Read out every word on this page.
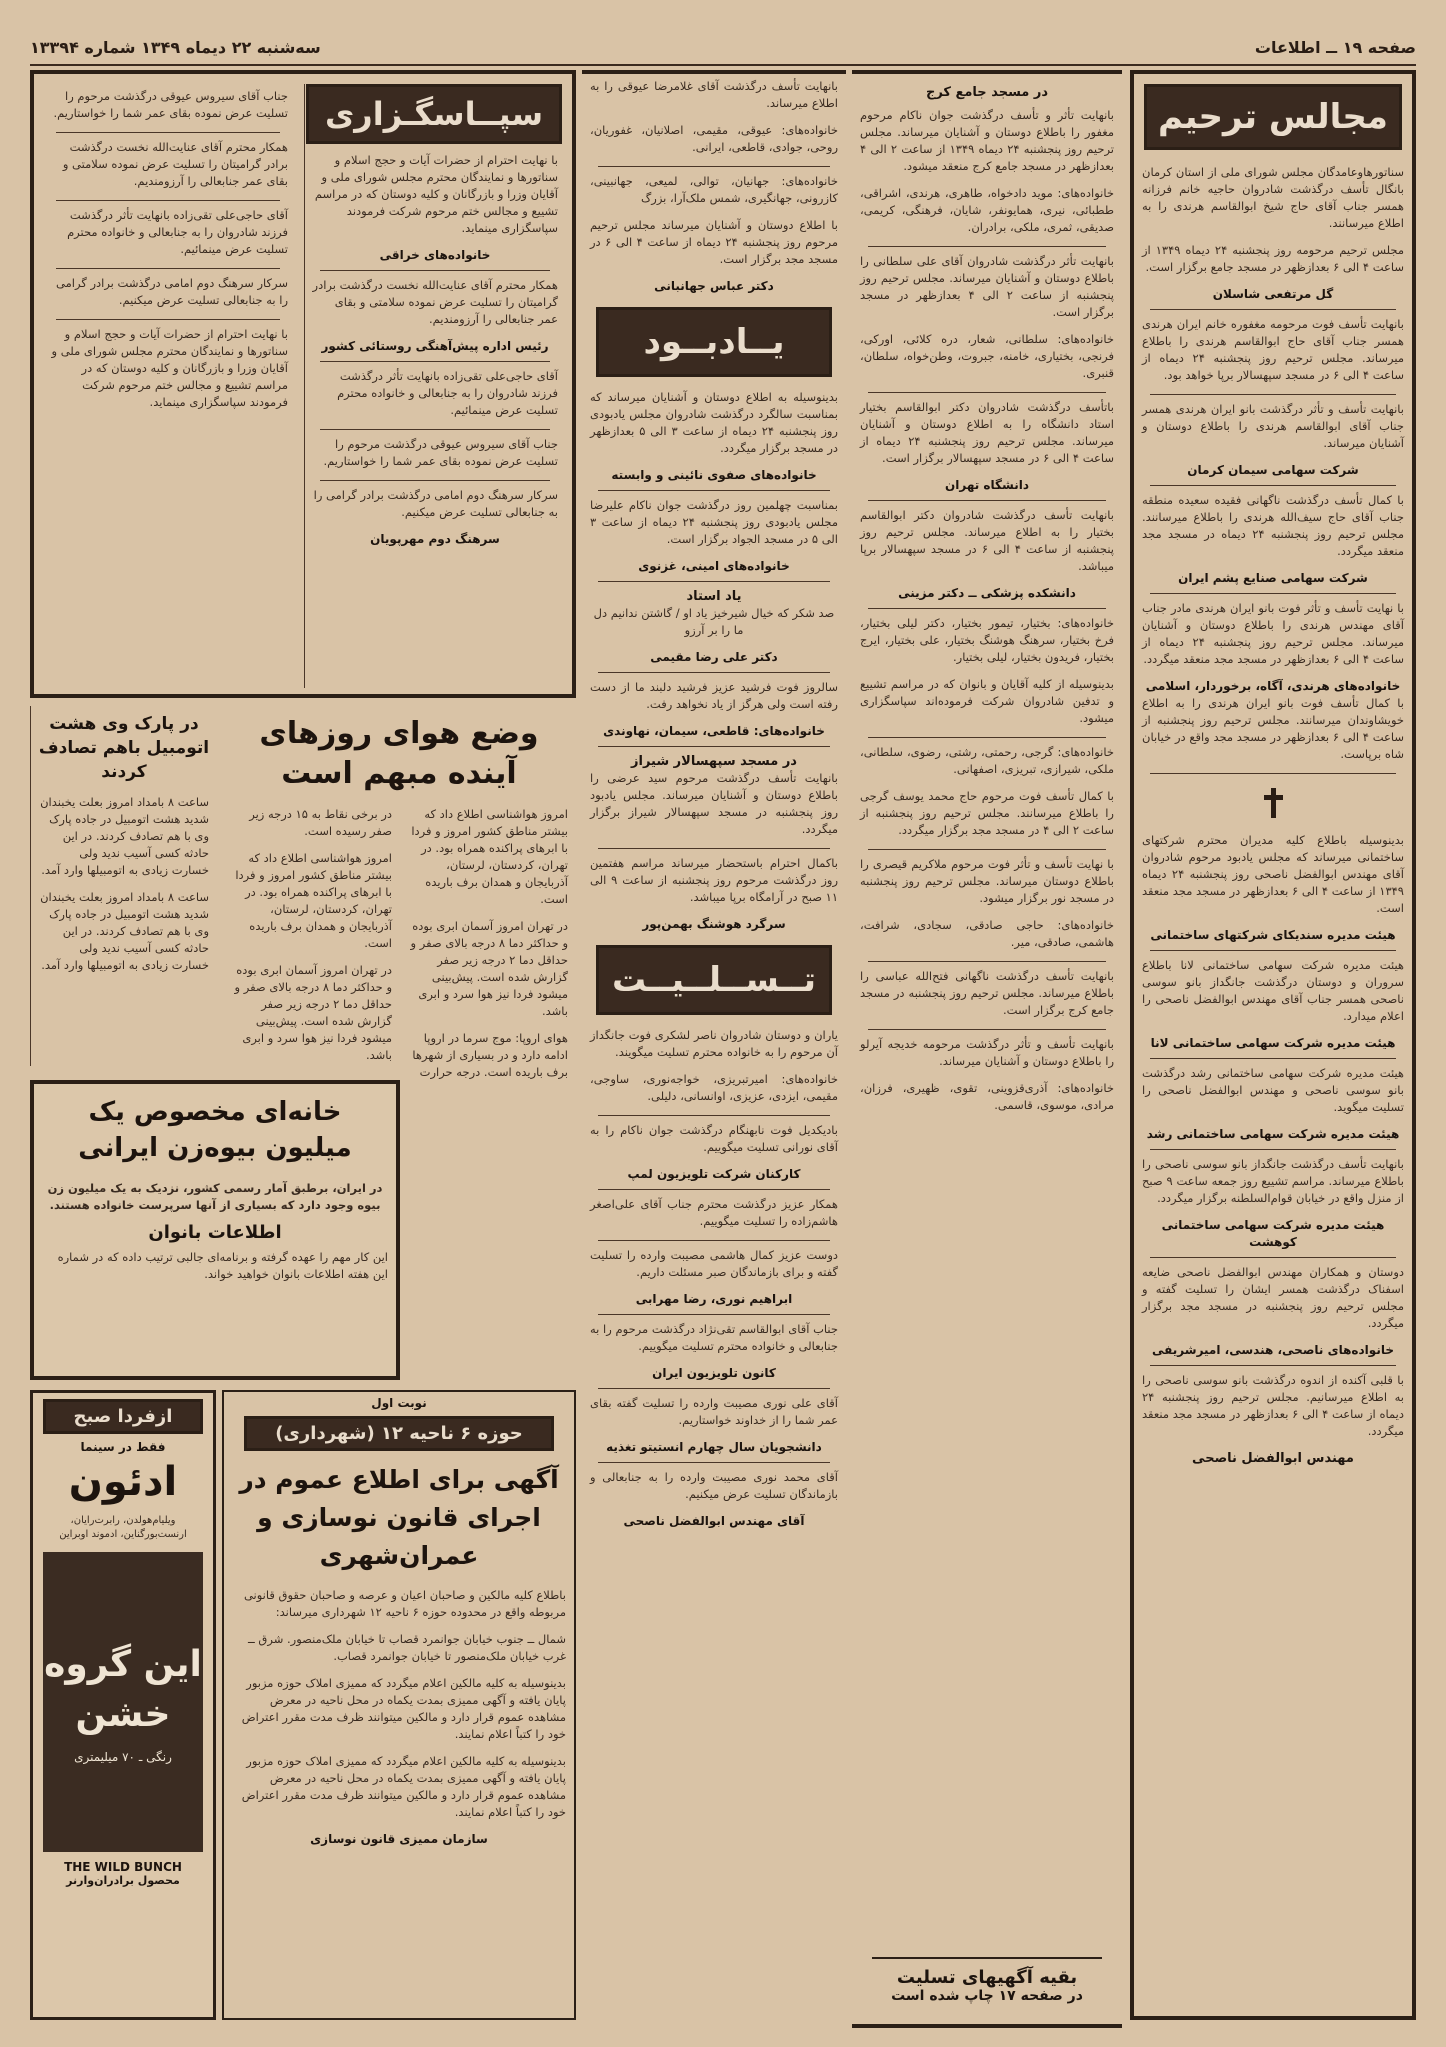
صفحه ۱۹ ــ اطلاعات
سه‌شنبه ۲۲ دیماه ۱۳۴۹ شماره ۱۳۳۹۴
مجالس ترحیم

سناتورهاوعامدگان مجلس شورای ملی از استان کرمان بانگال تأسف درگذشت شادروان حاجیه خانم فرزانه همسر جناب آقای حاج شیخ ابوالقاسم هرندی را به اطلاع میرسانند.

مجلس ترحیم مرحومه روز پنجشنبه ۲۴ دیماه ۱۳۴۹ از ساعت ۴ الی ۶ بعدازظهر در مسجد جامع برگزار است.

گل مرتفعی شاسلان

بانهایت تأسف فوت مرحومه مغفوره خانم ایران هرندی همسر جناب آقای حاج ابوالقاسم هرندی را باطلاع میرساند. مجلس ترحیم روز پنجشنبه ۲۴ دیماه از ساعت ۴ الی ۶ در مسجد سپهسالار برپا خواهد بود.

بانهایت تأسف و تأثر درگذشت بانو ایران هرندی همسر جناب آقای ابوالقاسم هرندی را باطلاع دوستان و آشنایان میرساند.

شرکت سهامی سیمان کرمان

با کمال تأسف درگذشت ناگهانی فقیده سعیده منطقه جناب آقای حاج سیف‌الله هرندی را باطلاع میرسانند. مجلس ترحیم روز پنجشنبه ۲۴ دیماه در مسجد مجد منعقد میگردد.

شرکت سهامی صنایع پشم ایران

با نهایت تأسف و تأثر فوت بانو ایران هرندی مادر جناب آقای مهندس هرندی را باطلاع دوستان و آشنایان میرساند. مجلس ترحیم روز پنجشنبه ۲۴ دیماه از ساعت ۴ الی ۶ بعدازظهر در مسجد مجد منعقد میگردد.

خانواده‌های هرندی، آگاه، برخوردار، اسلامی

با کمال تأسف فوت بانو ایران هرندی را به اطلاع خویشاوندان میرسانند. مجلس ترحیم روز پنجشنبه از ساعت ۴ الی ۶ بعدازظهر در مسجد مجد واقع در خیابان شاه برپاست.

بدینوسیله باطلاع کلیه مدیران محترم شرکتهای ساختمانی میرساند که مجلس یادبود مرحوم شادروان آقای مهندس ابوالفضل ناصحی روز پنجشنبه ۲۴ دیماه ۱۳۴۹ از ساعت ۴ الی ۶ بعدازظهر در مسجد مجد منعقد است.

هیئت مدیره سندیکای شرکتهای ساختمانی

هیئت مدیره شرکت سهامی ساختمانی لانا باطلاع سروران و دوستان درگذشت جانگداز بانو سوسی ناصحی همسر جناب آقای مهندس ابوالفضل ناصحی را اعلام میدارد.

هیئت مدیره شرکت سهامی ساختمانی لانا

هیئت مدیره شرکت سهامی ساختمانی رشد درگذشت بانو سوسی ناصحی و مهندس ابوالفضل ناصحی را تسلیت میگوید.

هیئت مدیره شرکت سهامی ساختمانی رشد

بانهایت تأسف درگذشت جانگداز بانو سوسی ناصحی را باطلاع میرساند. مراسم تشییع روز جمعه ساعت ۹ صبح از منزل واقع در خیابان قوام‌السلطنه برگزار میگردد.

هیئت مدیره شرکت سهامی ساختمانی کوهشت

دوستان و همکاران مهندس ابوالفضل ناصحی ضایعه اسفناک درگذشت همسر ایشان را تسلیت گفته و مجلس ترحیم روز پنجشنبه در مسجد مجد برگزار میگردد.

خانواده‌های ناصحی، هندسی، امیرشریفی

با قلبی آکنده از اندوه درگذشت بانو سوسی ناصحی را به اطلاع میرسانیم. مجلس ترحیم روز پنجشنبه ۲۴ دیماه از ساعت ۴ الی ۶ بعدازظهر در مسجد مجد منعقد میگردد.

مهندس ابوالفضل ناصحی
در مسجد جامع کرج

بانهایت تأثر و تأسف درگذشت جوان ناکام مرحوم مغفور را باطلاع دوستان و آشنایان میرساند. مجلس ترحیم روز پنجشنبه ۲۴ دیماه ۱۳۴۹ از ساعت ۲ الی ۴ بعدازظهر در مسجد جامع کرج منعقد میشود.

خانواده‌های: موید دادخواه، طاهری، هرندی، اشراقی، ططبائی، نیری، همایونفر، شایان، فرهنگی، کریمی، صدیقی، ثمری، ملکی، برادران.

بانهایت تأثر درگذشت شادروان آقای علی سلطانی را باطلاع دوستان و آشنایان میرساند. مجلس ترحیم روز پنجشنبه از ساعت ۲ الی ۴ بعدازظهر در مسجد برگزار است.

خانواده‌های: سلطانی، شعار، دره کلائی، اورکی، فرنجی، بختیاری، خامنه، جبروت، وطن‌خواه، سلطان، قنبری.

باتأسف درگذشت شادروان دکتر ابوالقاسم بختیار استاد دانشگاه را به اطلاع دوستان و آشنایان میرساند. مجلس ترحیم روز پنجشنبه ۲۴ دیماه از ساعت ۴ الی ۶ در مسجد سپهسالار برگزار است.

دانشگاه تهران

بانهایت تأسف درگذشت شادروان دکتر ابوالقاسم بختیار را به اطلاع میرساند. مجلس ترحیم روز پنجشنبه از ساعت ۴ الی ۶ در مسجد سپهسالار برپا میباشد.

دانشکده پزشکی ــ دکتر مزینی

خانواده‌های: بختیار، تیمور بختیار، دکتر لیلی بختیار، فرخ بختیار، سرهنگ هوشنگ بختیار، علی بختیار، ایرج بختیار، فریدون بختیار، لیلی بختیار.

بدینوسیله از کلیه آقایان و بانوان که در مراسم تشییع و تدفین شادروان شرکت فرموده‌اند سپاسگزاری میشود.

خانواده‌های: گرجی، رحمتی، رشتی، رضوی، سلطانی، ملکی، شیرازی، تبریزی، اصفهانی.

با کمال تأسف فوت مرحوم حاج محمد یوسف گرجی را باطلاع میرسانند. مجلس ترحیم روز پنجشنبه از ساعت ۲ الی ۴ در مسجد مجد برگزار میگردد.

با نهایت تأسف و تأثر فوت مرحوم ملاکریم قیصری را باطلاع دوستان میرساند. مجلس ترحیم روز پنجشنبه در مسجد نور برگزار میشود.

خانواده‌های: حاجی صادقی، سجادی، شرافت، هاشمی، صادقی، میر.

بانهایت تأسف درگذشت ناگهانی فتح‌الله عباسی را باطلاع میرساند. مجلس ترحیم روز پنجشنبه در مسجد جامع کرج برگزار است.

بانهایت تأسف و تأثر درگذشت مرحومه خدیجه آیرلو را باطلاع دوستان و آشنایان میرساند.

خانواده‌های: آذری‌قزوینی، تقوی، ظهیری، فرزان، مرادی، موسوی، قاسمی.

بقیه آگهیهای تسلیت
در صفحه ۱۷ چاپ شده است

بانهایت تأسف درگذشت آقای غلامرضا عیوقی را به اطلاع میرساند.

خانواده‌های: عیوقی، مقیمی، اصلانیان، غفوریان، روحی، جوادی، قاطعی، ایرانی.

خانواده‌های: جهانیان، توالی، لمیعی، جهانبینی، کازرونی، جهانگیری، شمس ملک‌آرا، بزرگ

با اطلاع دوستان و آشنایان میرساند مجلس ترحیم مرحوم روز پنجشنبه ۲۴ دیماه از ساعت ۴ الی ۶ در مسجد مجد برگزار است.

دکتر عباس جهانبانی
یــادبــود

بدینوسیله به اطلاع دوستان و آشنایان میرساند که بمناسبت سالگرد درگذشت شادروان مجلس یادبودی روز پنجشنبه ۲۴ دیماه از ساعت ۳ الی ۵ بعدازظهر در مسجد برگزار میگردد.

خانواده‌های صفوی نائینی و وابسته

بمناسبت چهلمین روز درگذشت جوان ناکام علیرضا مجلس یادبودی روز پنجشنبه ۲۴ دیماه از ساعت ۳ الی ۵ در مسجد الجواد برگزار است.

خانواده‌های امینی، غزنوی
یاد استاد

صد شکر که خیال شیرخیز یاد او / گاشتن ندانیم دل ما را بر آرزو

دکتر علی رضا مقیمی

سالروز فوت فرشید عزیز فرشید دلبند ما از دست رفته است ولی هرگز از یاد نخواهد رفت.

خانواده‌های: قاطعی، سیمان، نهاوندی
در مسجد سپهسالار شیراز

بانهایت تأسف درگذشت مرحوم سید عرضی را باطلاع دوستان و آشنایان میرساند. مجلس یادبود روز پنجشنبه در مسجد سپهسالار شیراز برگزار میگردد.

باکمال احترام باستحضار میرساند مراسم هفتمین روز درگذشت مرحوم روز پنجشنبه از ساعت ۹ الی ۱۱ صبح در آرامگاه برپا میباشد.

سرگرد هوشنگ بهمن‌پور
تــســلــیــت

یاران و دوستان شادروان ناصر لشکری فوت جانگداز آن مرحوم را به خانواده محترم تسلیت میگویند.

خانواده‌های: امیرتبریزی، خواجه‌نوری، ساوجی، مقیمی، ایزدی، عزیزی، اوانسانی، دلیلی.

بادیکدیل فوت نابهنگام درگذشت جوان ناکام را به آقای نورانی تسلیت میگوییم.

کارکنان شرکت تلویزیون لمپ

همکار عزیز درگذشت محترم جناب آقای علی‌اصغر هاشم‌زاده را تسلیت میگوییم.

دوست عزیز کمال هاشمی مصیبت وارده را تسلیت گفته و برای بازماندگان صبر مسئلت داریم.

ابراهیم نوری، رضا مهرابی

جناب آقای ابوالقاسم تقی‌نژاد درگذشت مرحوم را به جنابعالی و خانواده محترم تسلیت میگوییم.

کانون تلویزیون ایران

آقای علی نوری مصیبت وارده را تسلیت گفته بقای عمر شما را از خداوند خواستاریم.

دانشجویان سال چهارم انستیتو تغذیه

آقای محمد نوری مصیبت وارده را به جنابعالی و بازماندگان تسلیت عرض میکنیم.

آقای مهندس ابوالفضل ناصحی
سپــاسگـزاری

با نهایت احترام از حضرات آیات و حجج اسلام و سناتورها و نمایندگان محترم مجلس شورای ملی و آقایان وزرا و بازرگانان و کلیه دوستان که در مراسم تشییع و مجالس ختم مرحوم شرکت فرمودند سپاسگزاری مینماید.

خانواده‌های خراقی

همکار محترم آقای عنایت‌الله نخست درگذشت برادر گرامیتان را تسلیت عرض نموده سلامتی و بقای عمر جنابعالی را آرزومندیم.

رئیس اداره پیش‌آهنگی روستائی کشور

آقای حاجی‌علی تقی‌زاده بانهایت تأثر درگذشت فرزند شادروان را به جنابعالی و خانواده محترم تسلیت عرض مینمائیم.

جناب آقای سیروس عیوقی درگذشت مرحوم را تسلیت عرض نموده بقای عمر شما را خواستاریم.

سرکار سرهنگ دوم امامی درگذشت برادر گرامی را به جنابعالی تسلیت عرض میکنیم.

سرهنگ دوم مهرپویان

جناب آقای سیروس عیوقی درگذشت مرحوم را تسلیت عرض نموده بقای عمر شما را خواستاریم.

همکار محترم آقای عنایت‌الله نخست درگذشت برادر گرامیتان را تسلیت عرض نموده سلامتی و بقای عمر جنابعالی را آرزومندیم.

آقای حاجی‌علی تقی‌زاده بانهایت تأثر درگذشت فرزند شادروان را به جنابعالی و خانواده محترم تسلیت عرض مینمائیم.

سرکار سرهنگ دوم امامی درگذشت برادر گرامی را به جنابعالی تسلیت عرض میکنیم.

با نهایت احترام از حضرات آیات و حجج اسلام و سناتورها و نمایندگان محترم مجلس شورای ملی و آقایان وزرا و بازرگانان و کلیه دوستان که در مراسم تشییع و مجالس ختم مرحوم شرکت فرمودند سپاسگزاری مینماید.

وضع هوای روزهای آینده مبهم است

امروز هواشناسی اطلاع داد که بیشتر مناطق کشور امروز و فردا با ابرهای پراکنده همراه بود. در تهران، کردستان، لرستان، آذربایجان و همدان برف باریده است.

در تهران امروز آسمان ابری بوده و حداکثر دما ۸ درجه بالای صفر و حداقل دما ۲ درجه زیر صفر گزارش شده است. پیش‌بینی میشود فردا نیز هوا سرد و ابری باشد.

هوای اروپا: موج سرما در اروپا ادامه دارد و در بسیاری از شهرها برف باریده است. درجه حرارت در برخی نقاط به ۱۵ درجه زیر صفر رسیده است.

امروز هواشناسی اطلاع داد که بیشتر مناطق کشور امروز و فردا با ابرهای پراکنده همراه بود. در تهران، کردستان، لرستان، آذربایجان و همدان برف باریده است.

در تهران امروز آسمان ابری بوده و حداکثر دما ۸ درجه بالای صفر و حداقل دما ۲ درجه زیر صفر گزارش شده است. پیش‌بینی میشود فردا نیز هوا سرد و ابری باشد.

در پارک وی هشت اتومبیل باهم تصادف کردند

ساعت ۸ بامداد امروز بعلت یخبندان شدید هشت اتومبیل در جاده پارک وی با هم تصادف کردند. در این حادثه کسی آسیب ندید ولی خسارت زیادی به اتومبیلها وارد آمد.

ساعت ۸ بامداد امروز بعلت یخبندان شدید هشت اتومبیل در جاده پارک وی با هم تصادف کردند. در این حادثه کسی آسیب ندید ولی خسارت زیادی به اتومبیلها وارد آمد.

خانه‌ای مخصوص یک میلیون بیوه‌زن ایرانی

در ایران، برطبق آمار رسمی کشور، نزدیک به یک میلیون زن بیوه وجود دارد که بسیاری از آنها سرپرست خانواده هستند.

اطلاعات بانوان

این کار مهم را عهده گرفته و برنامه‌ای جالبی ترتیب داده که در شماره این هفته اطلاعات بانوان خواهید خواند.

نوبت اول
حوزه ۶ ناحیه ۱۲ (شهرداری)
آگهی برای اطلاع عموم در اجرای قانون نوسازی و عمران‌شهری

باطلاع کلیه مالکین و صاحبان اعیان و عرصه و صاحبان حقوق قانونی مربوطه واقع در محدوده حوزه ۶ ناحیه ۱۲ شهرداری میرساند:

شمال ــ جنوب خیابان جوانمرد قصاب تا خیابان ملک‌منصور. شرق ــ غرب خیابان ملک‌منصور تا خیابان جوانمرد قصاب.

بدینوسیله به کلیه مالکین اعلام میگردد که ممیزی املاک حوزه مزبور پایان یافته و آگهی ممیزی بمدت یکماه در محل ناحیه در معرض مشاهده عموم قرار دارد و مالکین میتوانند ظرف مدت مقرر اعتراض خود را کتباً اعلام نمایند.

بدینوسیله به کلیه مالکین اعلام میگردد که ممیزی املاک حوزه مزبور پایان یافته و آگهی ممیزی بمدت یکماه در محل ناحیه در معرض مشاهده عموم قرار دارد و مالکین میتوانند ظرف مدت مقرر اعتراض خود را کتباً اعلام نمایند.

سازمان ممیزی قانون نوسازی
ازفردا صبح
فقط در سینما
ادئون
ویلیام‌هولدن، رابرت‌رایان، ارنست‌بورگناین، ادموند اوبراین
این گروه خشن
رنگی ـ ۷۰ میلیمتری
THE WILD BUNCH
محصول برادران‌وارنر
